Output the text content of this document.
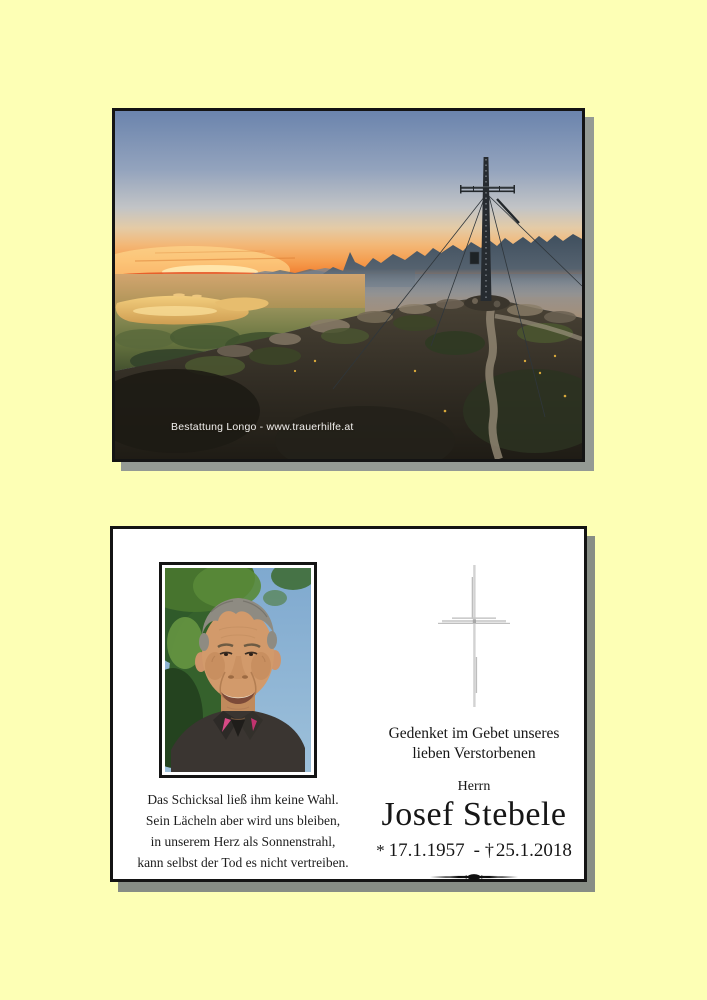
Bestattung Longo - www.trauerhilfe.at
Das Schicksal ließ ihm keine Wahl.
Sein Lächeln aber wird uns bleiben,
in unserem Herz als Sonnenstrahl,
kann selbst der Tod es nicht vertreiben.

Gedenket im Gebet unseres
lieben Verstorbenen

Herrn

Josef Stebele

* 17.1.1957 - † 25.1.2018
